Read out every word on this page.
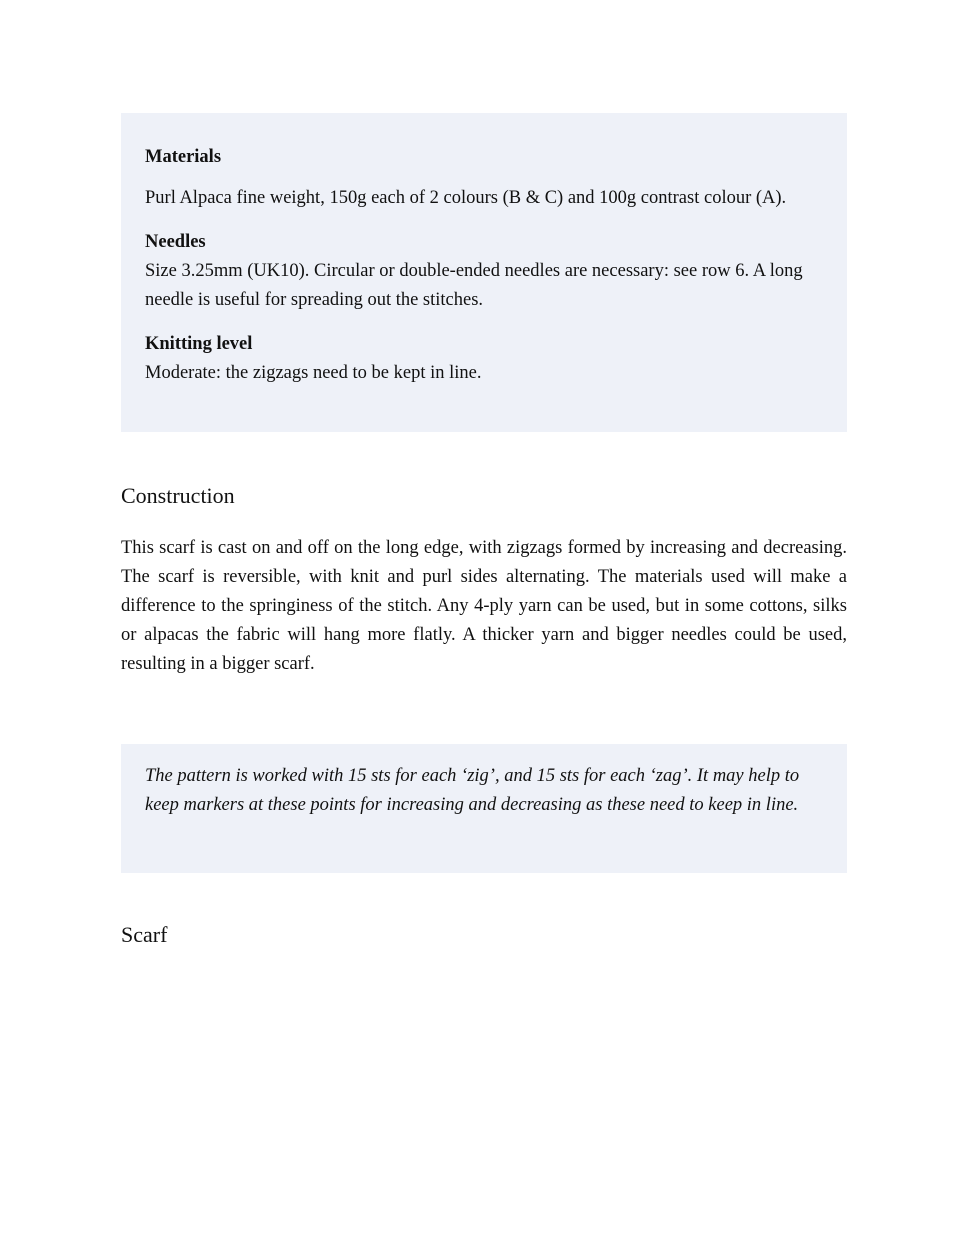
Materials

Purl Alpaca fine weight, 150g each of 2 colours (B & C) and 100g contrast colour (A).

Needles

Size 3.25mm (UK10). Circular or double-ended needles are necessary: see row 6. A long needle is useful for spreading out the stitches.

Knitting level

Moderate: the zigzags need to be kept in line.

Construction

This scarf is cast on and off on the long edge, with zigzags formed by increasing and decreasing. The scarf is reversible, with knit and purl sides alternating. The materials used will make a difference to the springiness of the stitch. Any 4-ply yarn can be used, but in some cottons, silks or alpacas the fabric will hang more flatly. A thicker yarn and bigger needles could be used, resulting in a bigger scarf.

The pattern is worked with 15 sts for each ‘zig’, and 15 sts for each ‘zag’. It may help to keep markers at these points for increasing and decreasing as these need to keep in line.

Scarf
